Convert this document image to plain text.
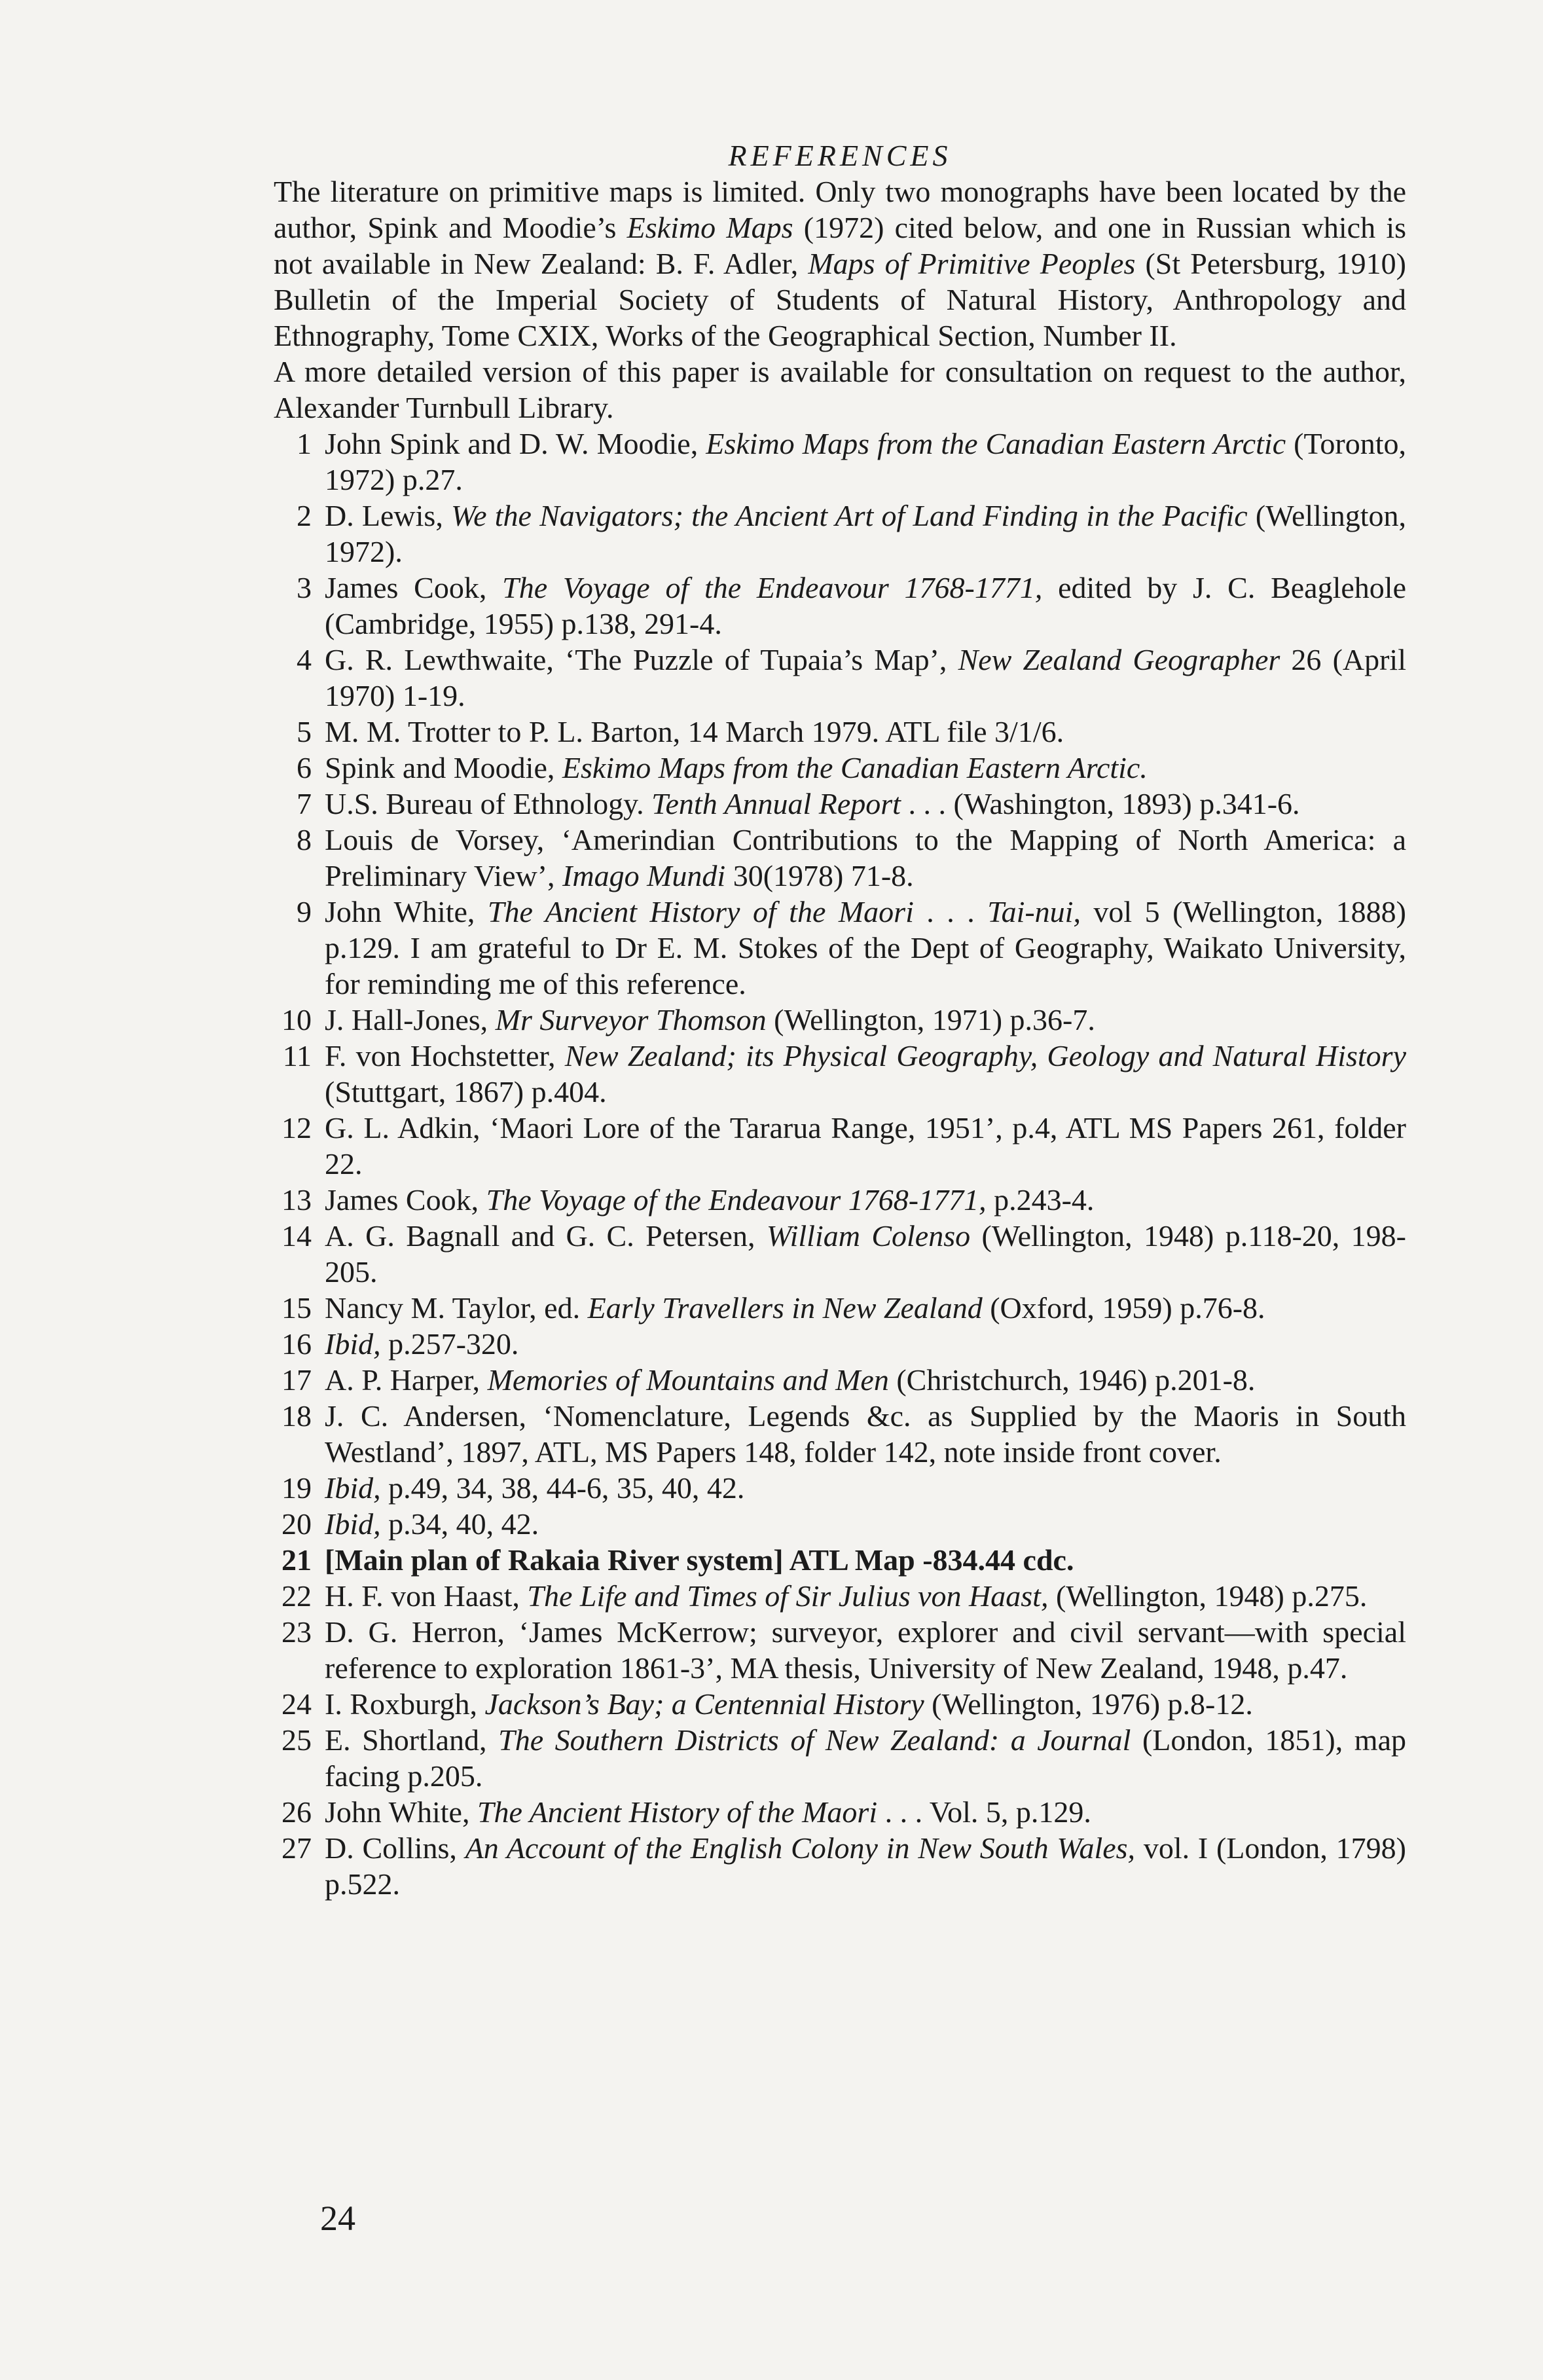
REFERENCES

The literature on primitive maps is limited. Only two monographs have been located by the author, Spink and Moodie’s Eskimo Maps (1972) cited below, and one in Russian which is not available in New Zealand: B. F. Adler, Maps of Primitive Peoples (St Petersburg, 1910) Bulletin of the Imperial Society of Students of Natural History, Anthropology and Ethnography, Tome CXIX, Works of the Geographical Section, Number II.

A more detailed version of this paper is available for consultation on request to the author, Alexander Turnbull Library.

1 John Spink and D. W. Moodie, Eskimo Maps from the Canadian Eastern Arctic (Toronto, 1972) p.27.
2 D. Lewis, We the Navigators; the Ancient Art of Land Finding in the Pacific (Wellington, 1972).
3 James Cook, The Voyage of the Endeavour 1768-1771, edited by J. C. Beaglehole (Cambridge, 1955) p.138, 291-4.
4 G. R. Lewthwaite, ‘The Puzzle of Tupaia’s Map’, New Zealand Geographer 26 (April 1970) 1-19.
5 M. M. Trotter to P. L. Barton, 14 March 1979. ATL file 3/1/6.
6 Spink and Moodie, Eskimo Maps from the Canadian Eastern Arctic.
7 U.S. Bureau of Ethnology. Tenth Annual Report . . . (Washington, 1893) p.341-6.
8 Louis de Vorsey, ‘Amerindian Contributions to the Mapping of North America: a Preliminary View’, Imago Mundi 30(1978) 71-8.
9 John White, The Ancient History of the Maori . . . Tai-nui, vol 5 (Wellington, 1888) p.129. I am grateful to Dr E. M. Stokes of the Dept of Geography, Waikato University, for reminding me of this reference.
10 J. Hall-Jones, Mr Surveyor Thomson (Wellington, 1971) p.36-7.
11 F. von Hochstetter, New Zealand; its Physical Geography, Geology and Natural History (Stuttgart, 1867) p.404.
12 G. L. Adkin, ‘Maori Lore of the Tararua Range, 1951’, p.4, ATL MS Papers 261, folder 22.
13 James Cook, The Voyage of the Endeavour 1768-1771, p.243-4.
14 A. G. Bagnall and G. C. Petersen, William Colenso (Wellington, 1948) p.118-20, 198-205.
15 Nancy M. Taylor, ed. Early Travellers in New Zealand (Oxford, 1959) p.76-8.
16 Ibid, p.257-320.
17 A. P. Harper, Memories of Mountains and Men (Christchurch, 1946) p.201-8.
18 J. C. Andersen, ‘Nomenclature, Legends &c. as Supplied by the Maoris in South Westland’, 1897, ATL, MS Papers 148, folder 142, note inside front cover.
19 Ibid, p.49, 34, 38, 44-6, 35, 40, 42.
20 Ibid, p.34, 40, 42.
21 [Main plan of Rakaia River system] ATL Map -834.44 cdc.
22 H. F. von Haast, The Life and Times of Sir Julius von Haast, (Wellington, 1948) p.275.
23 D. G. Herron, ‘James McKerrow; surveyor, explorer and civil servant—with special reference to exploration 1861-3’, MA thesis, University of New Zealand, 1948, p.47.
24 I. Roxburgh, Jackson’s Bay; a Centennial History (Wellington, 1976) p.8-12.
25 E. Shortland, The Southern Districts of New Zealand: a Journal (London, 1851), map facing p.205.
26 John White, The Ancient History of the Maori . . . Vol. 5, p.129.
27 D. Collins, An Account of the English Colony in New South Wales, vol. I (London, 1798) p.522.
24
